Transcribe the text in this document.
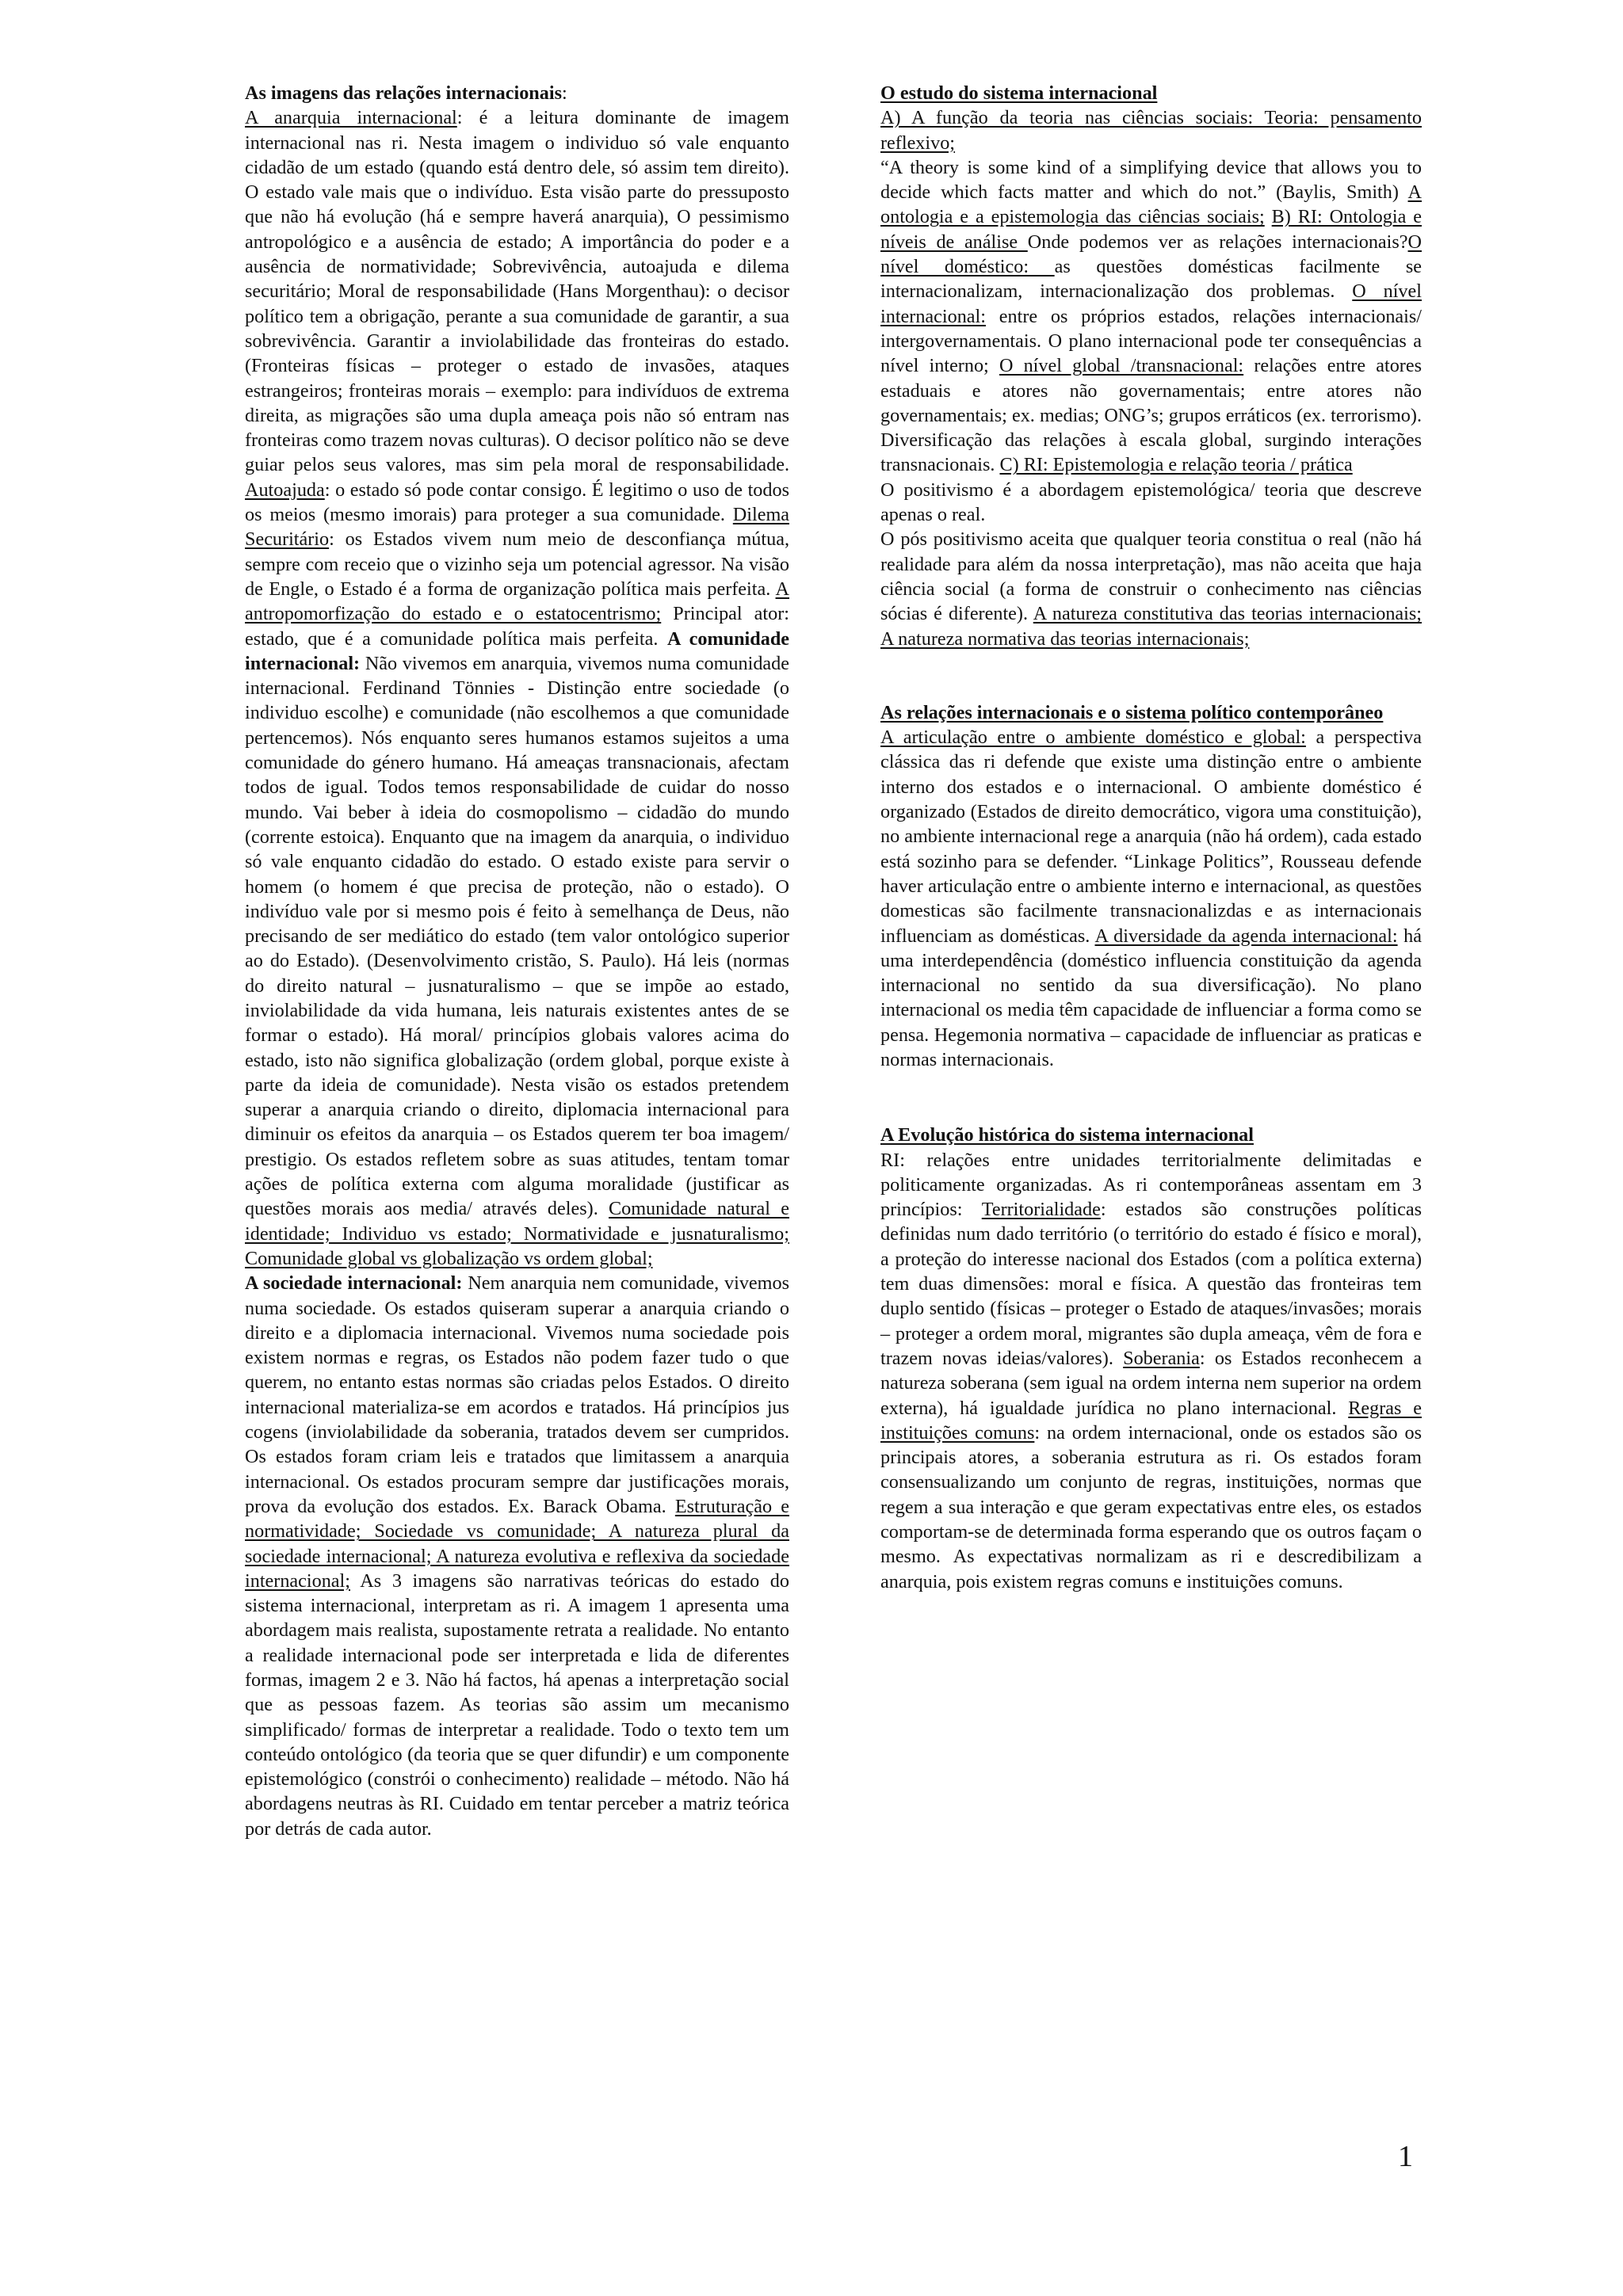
As imagens das relações internacionais:
A anarquia internacional: é a leitura dominante de imagem internacional nas ri. Nesta imagem o individuo só vale enquanto cidadão de um estado (quando está dentro dele, só assim tem direito). O estado vale mais que o indivíduo. Esta visão parte do pressuposto que não há evolução (há e sempre haverá anarquia), O pessimismo antropológico e a ausência de estado; A importância do poder e a ausência de normatividade; Sobrevivência, autoajuda e dilema securitário; Moral de responsabilidade (Hans Morgenthau): o decisor político tem a obrigação, perante a sua comunidade de garantir, a sua sobrevivência. Garantir a inviolabilidade das fronteiras do estado. (Fronteiras físicas – proteger o estado de invasões, ataques estrangeiros; fronteiras morais – exemplo: para indivíduos de extrema direita, as migrações são uma dupla ameaça pois não só entram nas fronteiras como trazem novas culturas). O decisor político não se deve guiar pelos seus valores, mas sim pela moral de responsabilidade. Autoajuda: o estado só pode contar consigo. É legitimo o uso de todos os meios (mesmo imorais) para proteger a sua comunidade. Dilema Securitário: os Estados vivem num meio de desconfiança mútua, sempre com receio que o vizinho seja um potencial agressor. Na visão de Engle, o Estado é a forma de organização política mais perfeita. A antropomorfização do estado e o estatocentrismo; Principal ator: estado, que é a comunidade política mais perfeita. A comunidade internacional: Não vivemos em anarquia, vivemos numa comunidade internacional. Ferdinand Tönnies - Distinção entre sociedade (o individuo escolhe) e comunidade (não escolhemos a que comunidade pertencemos). Nós enquanto seres humanos estamos sujeitos a uma comunidade do género humano. Há ameaças transnacionais, afectam todos de igual. Todos temos responsabilidade de cuidar do nosso mundo. Vai beber à ideia do cosmopolismo – cidadão do mundo (corrente estoica). Enquanto que na imagem da anarquia, o individuo só vale enquanto cidadão do estado. O estado existe para servir o homem (o homem é que precisa de proteção, não o estado). O indivíduo vale por si mesmo pois é feito à semelhança de Deus, não precisando de ser mediático do estado (tem valor ontológico superior ao do Estado). (Desenvolvimento cristão, S. Paulo). Há leis (normas do direito natural – jusnaturalismo – que se impõe ao estado, inviolabilidade da vida humana, leis naturais existentes antes de se formar o estado). Há moral/ princípios globais valores acima do estado, isto não significa globalização (ordem global, porque existe à parte da ideia de comunidade). Nesta visão os estados pretendem superar a anarquia criando o direito, diplomacia internacional para diminuir os efeitos da anarquia – os Estados querem ter boa imagem/ prestigio. Os estados refletem sobre as suas atitudes, tentam tomar ações de política externa com alguma moralidade (justificar as questões morais aos media/ através deles). Comunidade natural e identidade; Individuo vs estado; Normatividade e jusnaturalismo; Comunidade global vs globalização vs ordem global;
A sociedade internacional: Nem anarquia nem comunidade, vivemos numa sociedade. Os estados quiseram superar a anarquia criando o direito e a diplomacia internacional. Vivemos numa sociedade pois existem normas e regras, os Estados não podem fazer tudo o que querem, no entanto estas normas são criadas pelos Estados. O direito internacional materializa-se em acordos e tratados. Há princípios jus cogens (inviolabilidade da soberania, tratados devem ser cumpridos. Os estados foram criam leis e tratados que limitassem a anarquia internacional. Os estados procuram sempre dar justificações morais, prova da evolução dos estados. Ex. Barack Obama. Estruturação e normatividade; Sociedade vs comunidade; A natureza plural da sociedade internacional; A natureza evolutiva e reflexiva da sociedade internacional; As 3 imagens são narrativas teóricas do estado do sistema internacional, interpretam as ri. A imagem 1 apresenta uma abordagem mais realista, supostamente retrata a realidade. No entanto a realidade internacional pode ser interpretada e lida de diferentes formas, imagem 2 e 3. Não há factos, há apenas a interpretação social que as pessoas fazem. As teorias são assim um mecanismo simplificado/ formas de interpretar a realidade. Todo o texto tem um conteúdo ontológico (da teoria que se quer difundir) e um componente epistemológico (constrói o conhecimento) realidade – método. Não há abordagens neutras às RI. Cuidado em tentar perceber a matriz teórica por detrás de cada autor.

O estudo do sistema internacional
A) A função da teoria nas ciências sociais: Teoria: pensamento reflexivo;
“A theory is some kind of a simplifying device that allows you to decide which facts matter and which do not.” (Baylis, Smith) A ontologia e a epistemologia das ciências sociais; B) RI: Ontologia e níveis de análise Onde podemos ver as relações internacionais?O nível doméstico: as questões domésticas facilmente se internacionalizam, internacionalização dos problemas. O nível internacional: entre os próprios estados, relações internacionais/ intergovernamentais. O plano internacional pode ter consequências a nível interno; O nível global /transnacional: relações entre atores estaduais e atores não governamentais; entre atores não governamentais; ex. medias; ONG’s; grupos erráticos (ex. terrorismo). Diversificação das relações à escala global, surgindo interações transnacionais. C) RI: Epistemologia e relação teoria / prática

O positivismo é a abordagem epistemológica/ teoria que descreve apenas o real.

O pós positivismo aceita que qualquer teoria constitua o real (não há realidade para além da nossa interpretação), mas não aceita que haja ciência social (a forma de construir o conhecimento nas ciências sócias é diferente). A natureza constitutiva das teorias internacionais; A natureza normativa das teorias internacionais;

As relações internacionais e o sistema político contemporâneo
A articulação entre o ambiente doméstico e global: a perspectiva clássica das ri defende que existe uma distinção entre o ambiente interno dos estados e o internacional. O ambiente doméstico é organizado (Estados de direito democrático, vigora uma constituição), no ambiente internacional rege a anarquia (não há ordem), cada estado está sozinho para se defender. “Linkage Politics”, Rousseau defende haver articulação entre o ambiente interno e internacional, as questões domesticas são facilmente transnacionalizdas e as internacionais influenciam as domésticas. A diversidade da agenda internacional: há uma interdependência (doméstico influencia constituição da agenda internacional no sentido da sua diversificação). No plano internacional os media têm capacidade de influenciar a forma como se pensa. Hegemonia normativa – capacidade de influenciar as praticas e normas internacionais.

A Evolução histórica do sistema internacional
RI: relações entre unidades territorialmente delimitadas e politicamente organizadas. As ri contemporâneas assentam em 3 princípios: Territorialidade: estados são construções políticas definidas num dado território (o território do estado é físico e moral), a proteção do interesse nacional dos Estados (com a política externa) tem duas dimensões: moral e física. A questão das fronteiras tem duplo sentido (físicas – proteger o Estado de ataques/invasões; morais – proteger a ordem moral, migrantes são dupla ameaça, vêm de fora e trazem novas ideias/valores). Soberania: os Estados reconhecem a natureza soberana (sem igual na ordem interna nem superior na ordem externa), há igualdade jurídica no plano internacional. Regras e instituições comuns: na ordem internacional, onde os estados são os principais atores, a soberania estrutura as ri. Os estados foram consensualizando um conjunto de regras, instituições, normas que regem a sua interação e que geram expectativas entre eles, os estados comportam-se de determinada forma esperando que os outros façam o mesmo. As expectativas normalizam as ri e descredibilizam a anarquia, pois existem regras comuns e instituições comuns.

1
